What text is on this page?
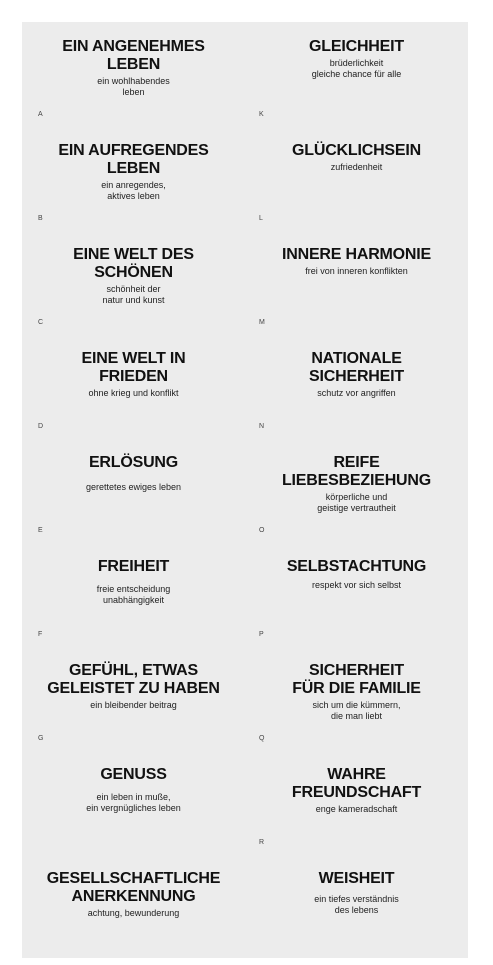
EIN ANGENEHMES
LEBEN
ein wohlhabendes
leben
A
GLEICHHEIT
brüderlichkeit
gleiche chance für alle
K
EIN AUFREGENDES
LEBEN
ein anregendes,
aktives leben
B
GLÜCKLICHSEIN
zufriedenheit
L
EINE WELT DES
SCHÖNEN
schönheit der
natur und kunst
C
INNERE HARMONIE
frei von inneren konflikten
M
EINE WELT IN
FRIEDEN
ohne krieg und konflikt
D
NATIONALE
SICHERHEIT
schutz vor angriffen
N
ERLÖSUNG
gerettetes ewiges leben
E
REIFE
LIEBESBEZIEHUNG
körperliche und
geistige vertrautheit
O
FREIHEIT
freie entscheidung
unabhängigkeit
F
SELBSTACHTUNG
respekt vor sich selbst
P
GEFÜHL, ETWAS
GELEISTET ZU HABEN
ein bleibender beitrag
G
SICHERHEIT
FÜR DIE FAMILIE
sich um die kümmern,
die man liebt
Q
GENUSS
ein leben in muße,
ein vergnügliches leben
WAHRE
FREUNDSCHAFT
enge kameradschaft
R
GESELLSCHAFTLICHE
ANERKENNUNG
achtung, bewunderung
WEISHEIT
ein tiefes verständnis
des lebens
